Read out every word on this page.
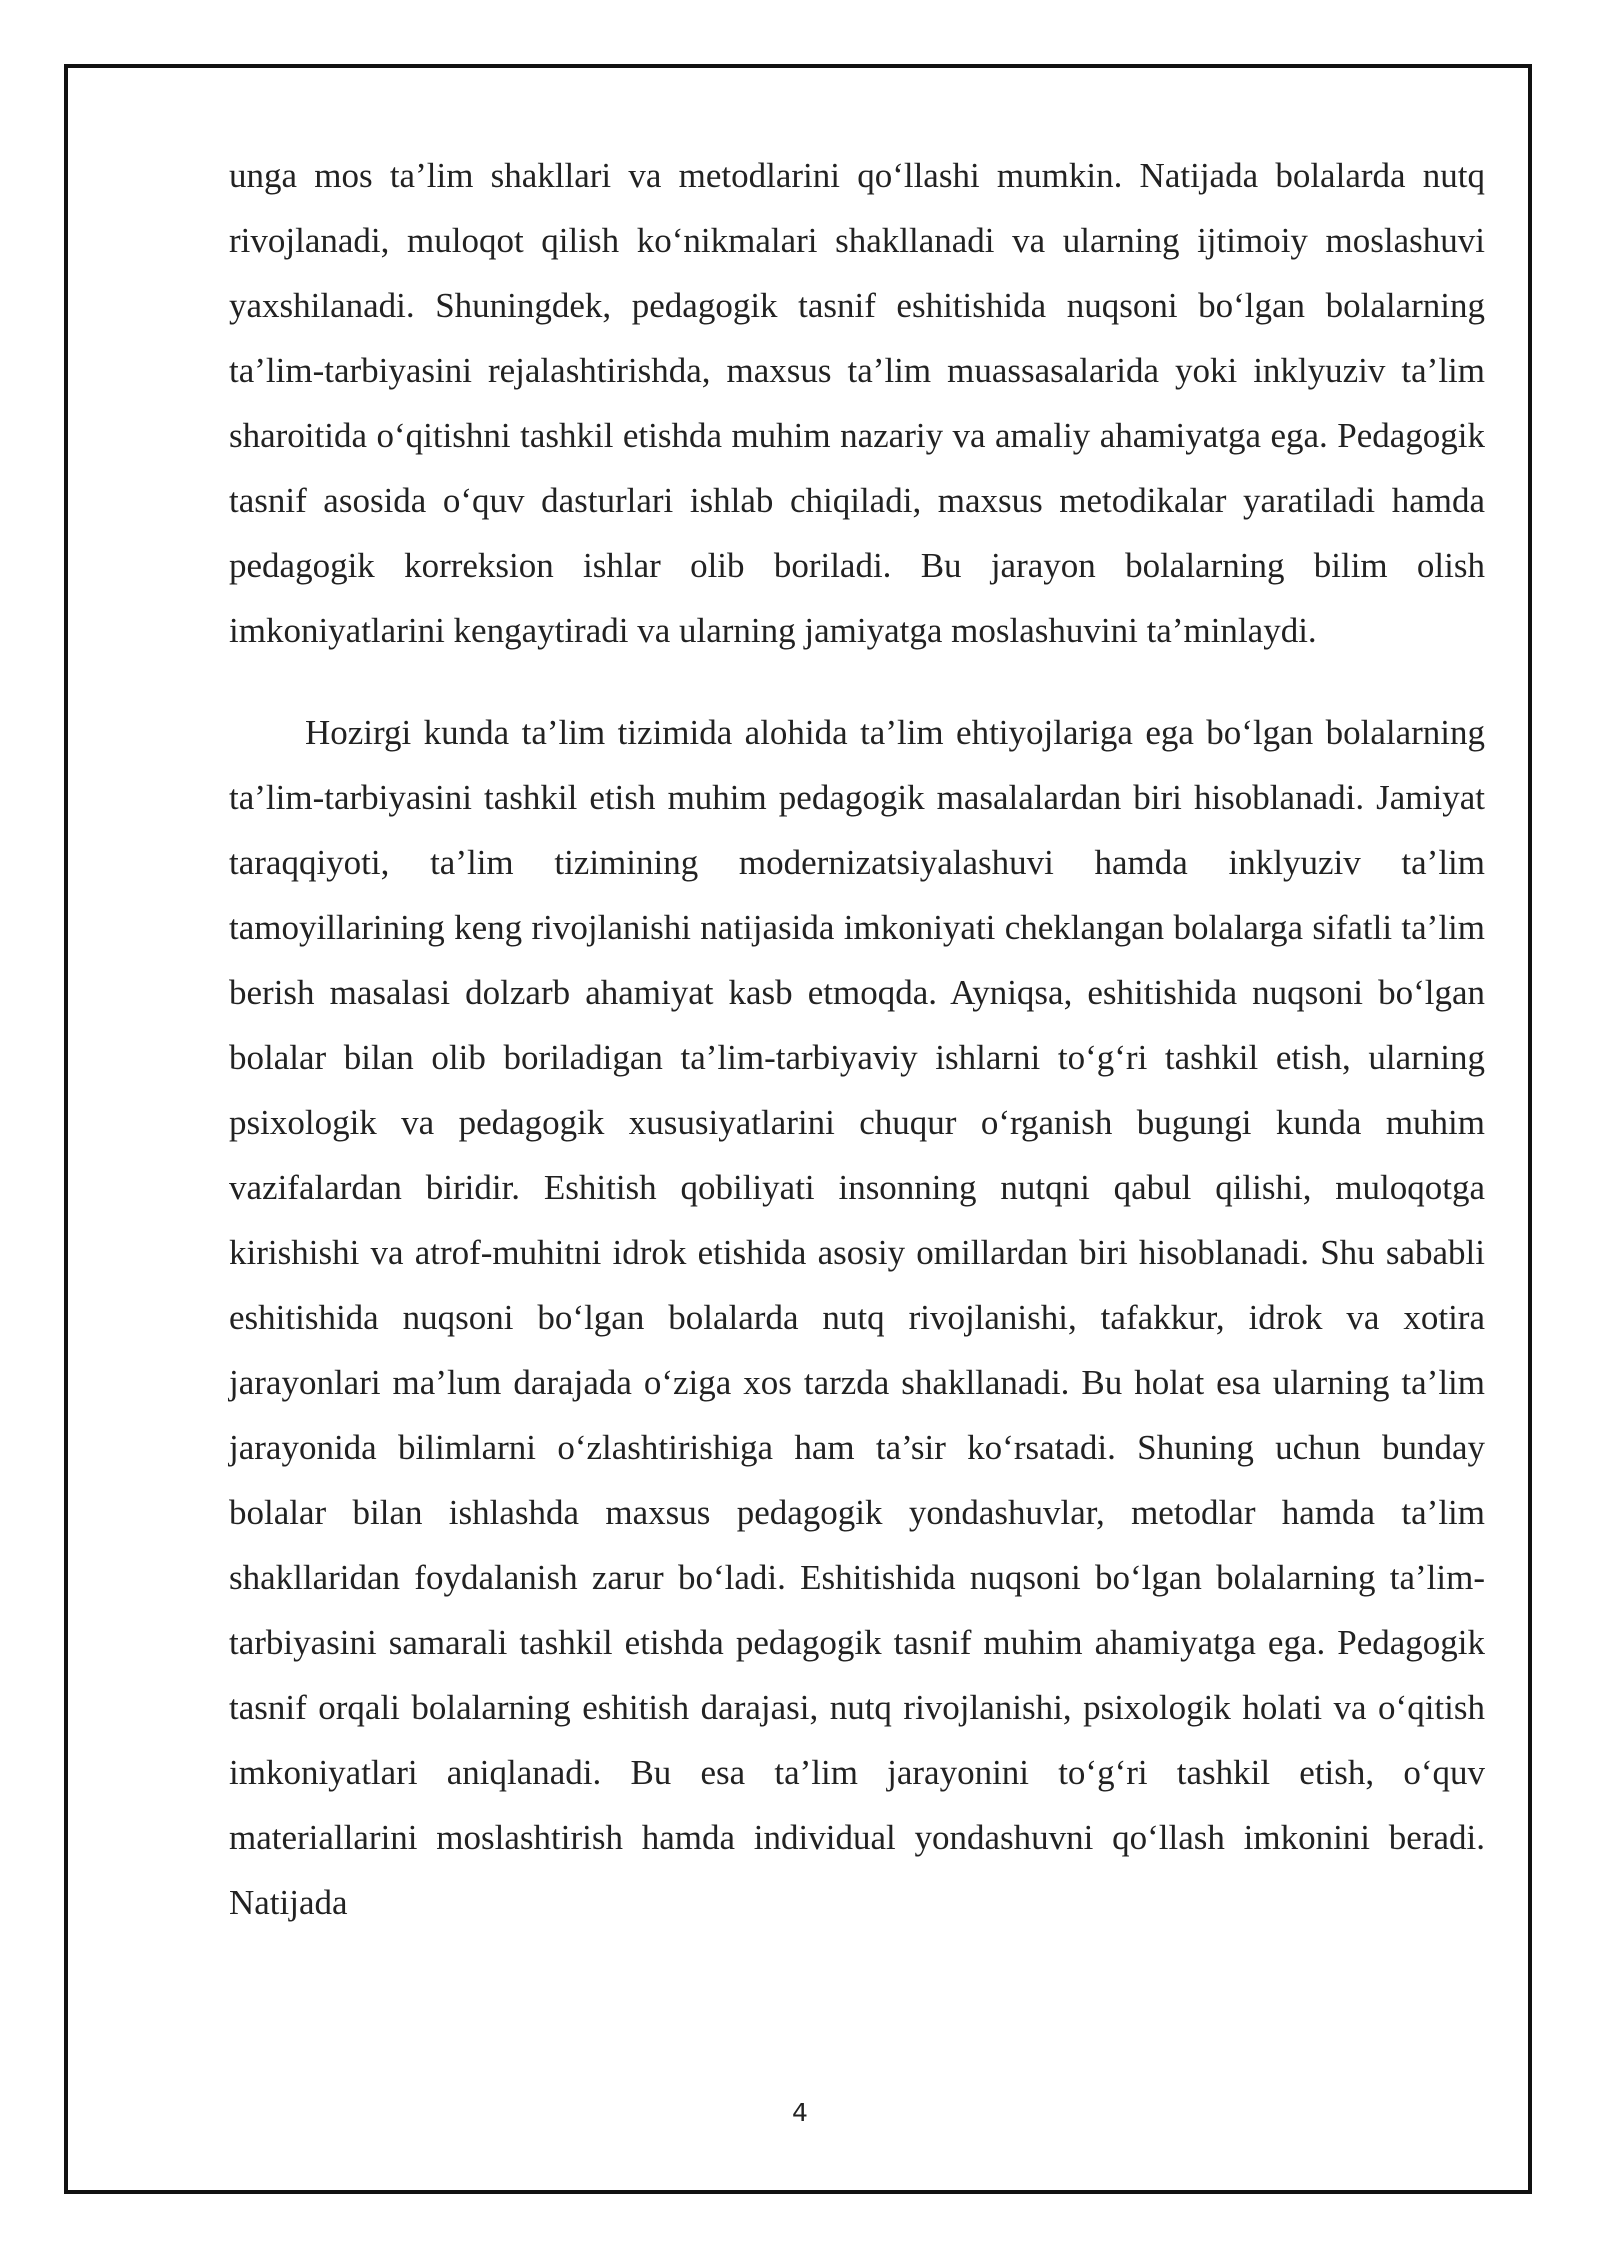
unga mos ta’lim shakllari va metodlarini qo‘llashi mumkin. Natijada bolalarda nutq rivojlanadi, muloqot qilish ko‘nikmalari shakllanadi va ularning ijtimoiy moslashuvi yaxshilanadi. Shuningdek, pedagogik tasnif eshitishida nuqsoni bo‘lgan bolalarning ta’lim-tarbiyasini rejalashtirishda, maxsus ta’lim muassasalarida yoki inklyuziv ta’lim sharoitida o‘qitishni tashkil etishda muhim nazariy va amaliy ahamiyatga ega. Pedagogik tasnif asosida o‘quv dasturlari ishlab chiqiladi, maxsus metodikalar yaratiladi hamda pedagogik korreksion ishlar olib boriladi. Bu jarayon bolalarning bilim olish imkoniyatlarini kengaytiradi va ularning jamiyatga moslashuvini ta’minlaydi.

Hozirgi kunda ta’lim tizimida alohida ta’lim ehtiyojlariga ega bo‘lgan bolalarning ta’lim-tarbiyasini tashkil etish muhim pedagogik masalalardan biri hisoblanadi. Jamiyat taraqqiyoti, ta’lim tizimining modernizatsiyalashuvi hamda inklyuziv ta’lim tamoyillarining keng rivojlanishi natijasida imkoniyati cheklangan bolalarga sifatli ta’lim berish masalasi dolzarb ahamiyat kasb etmoqda. Ayniqsa, eshitishida nuqsoni bo‘lgan bolalar bilan olib boriladigan ta’lim-tarbiyaviy ishlarni to‘g‘ri tashkil etish, ularning psixologik va pedagogik xususiyatlarini chuqur o‘rganish bugungi kunda muhim vazifalardan biridir. Eshitish qobiliyati insonning nutqni qabul qilishi, muloqotga kirishishi va atrof-muhitni idrok etishida asosiy omillardan biri hisoblanadi. Shu sababli eshitishida nuqsoni bo‘lgan bolalarda nutq rivojlanishi, tafakkur, idrok va xotira jarayonlari ma’lum darajada o‘ziga xos tarzda shakllanadi. Bu holat esa ularning ta’lim jarayonida bilimlarni o‘zlashtirishiga ham ta’sir ko‘rsatadi. Shuning uchun bunday bolalar bilan ishlashda maxsus pedagogik yondashuvlar, metodlar hamda ta’lim shakllaridan foydalanish zarur bo‘ladi. Eshitishida nuqsoni bo‘lgan bolalarning ta’lim-tarbiyasini samarali tashkil etishda pedagogik tasnif muhim ahamiyatga ega. Pedagogik tasnif orqali bolalarning eshitish darajasi, nutq rivojlanishi, psixologik holati va o‘qitish imkoniyatlari aniqlanadi. Bu esa ta’lim jarayonini to‘g‘ri tashkil etish, o‘quv materiallarini moslashtirish hamda individual yondashuvni qo‘llash imkonini beradi. Natijada

4
